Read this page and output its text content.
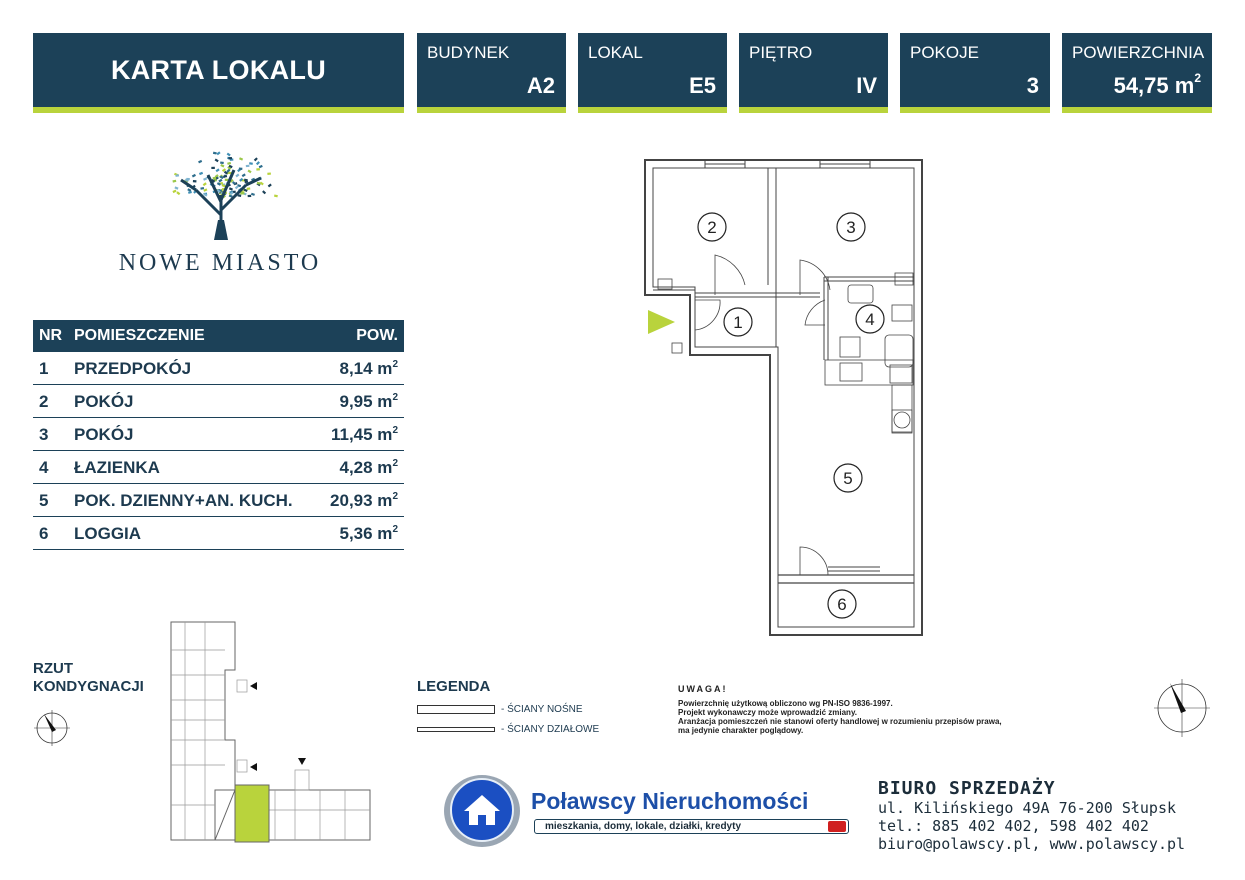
KARTA LOKALU
BUDYNEK
A2
LOKAL
E5
PIĘTRO
IV
POKOJE
3
POWIERZCHNIA
54,75 $m^2$
NOWE MIASTO
NR POMIESZCZENIE	POW.
1 PRZEDPOKÓJ	8,14 $m^2$
2 POKÓJ	9,95 $m^2$
3 POKÓJ	11,45 $m^2$
4 ŁAZIENKA	4,28 $m^2$
5 POK. DZIENNY+AN. KUCH. 20,93 $m^2$
6 LOGGIA	5,36 $m^2$
RZUT
KONDYGNACJI
2	3
1	4
5
6
LEGENDA
- ŚCIANY NOŚNE
- ŚCIANY DZIAŁOWE
UWAGA!
Powierzchnię użytkową obliczono wg PN-ISO 9836-1997.
Projekt wykonawczy może wprowadzić zmiany.
Aranżacja pomieszczeń nie stanowi oferty handlowej w rozumieniu przepisów prawa,
ma jedynie charakter poglądowy.
Poławscy Nieruchomości
mieszkania, domy, lokale, działki, kredyty
BIURO SPRZEDAŻY
ul. Kilińskiego 49A 76-200 Słupsk
tel.: 885 402 402, 598 402 402
biuro@polawscy.pl, www.polawscy.pl
